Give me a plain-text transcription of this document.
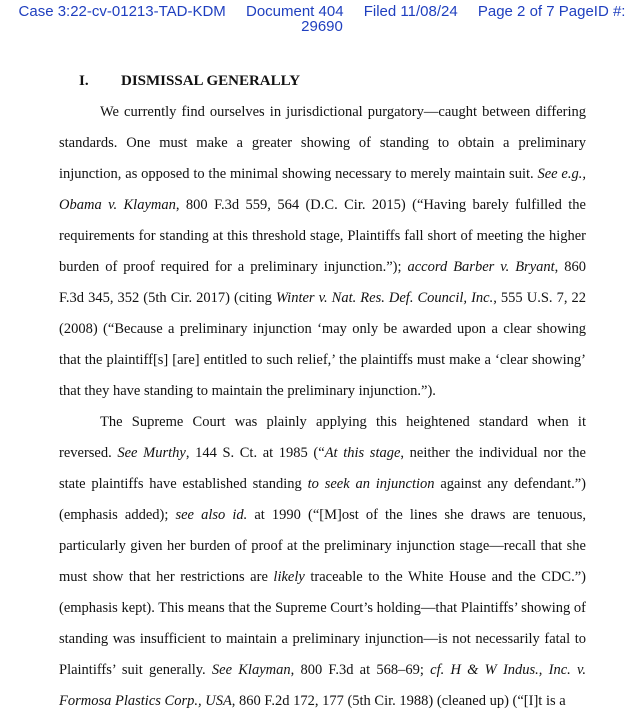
Case 3:22-cv-01213-TAD-KDM Document 404 Filed 11/08/24 Page 2 of 7 PageID #:
29690
I. DISMISSAL GENERALLY

We currently find ourselves in jurisdictional purgatory—caught between differing standards. One must make a greater showing of standing to obtain a preliminary injunction, as opposed to the minimal showing necessary to merely maintain suit. See e.g., Obama v. Klayman, 800 F.3d 559, 564 (D.C. Cir. 2015) (“Having barely fulfilled the requirements for standing at this threshold stage, Plaintiffs fall short of meeting the higher burden of proof required for a preliminary injunction.”); accord Barber v. Bryant, 860 F.3d 345, 352 (5th Cir. 2017) (citing Winter v. Nat. Res. Def. Council, Inc., 555 U.S. 7, 22 (2008) (“Because a preliminary injunction ‘may only be awarded upon a clear showing that the plaintiff[s] [are] entitled to such relief,’ the plaintiffs must make a ‘clear showing’ that they have standing to maintain the preliminary injunction.”).

The Supreme Court was plainly applying this heightened standard when it reversed. See Murthy, 144 S. Ct. at 1985 (“At this stage, neither the individual nor the state plaintiffs have established standing to seek an injunction against any defendant.”) (emphasis added); see also id. at 1990 (“[M]ost of the lines she draws are tenuous, particularly given her burden of proof at the preliminary injunction stage—recall that she must show that her restrictions are likely traceable to the White House and the CDC.”) (emphasis kept). This means that the Supreme Court’s holding—that Plaintiffs’ showing of standing was insufficient to maintain a preliminary injunction—is not necessarily fatal to Plaintiffs’ suit generally. See Klayman, 800 F.3d at 568–69; cf. H & W Indus., Inc. v. Formosa Plastics Corp., USA, 860 F.2d 172, 177 (5th Cir. 1988) (cleaned up) (“[I]t is a
